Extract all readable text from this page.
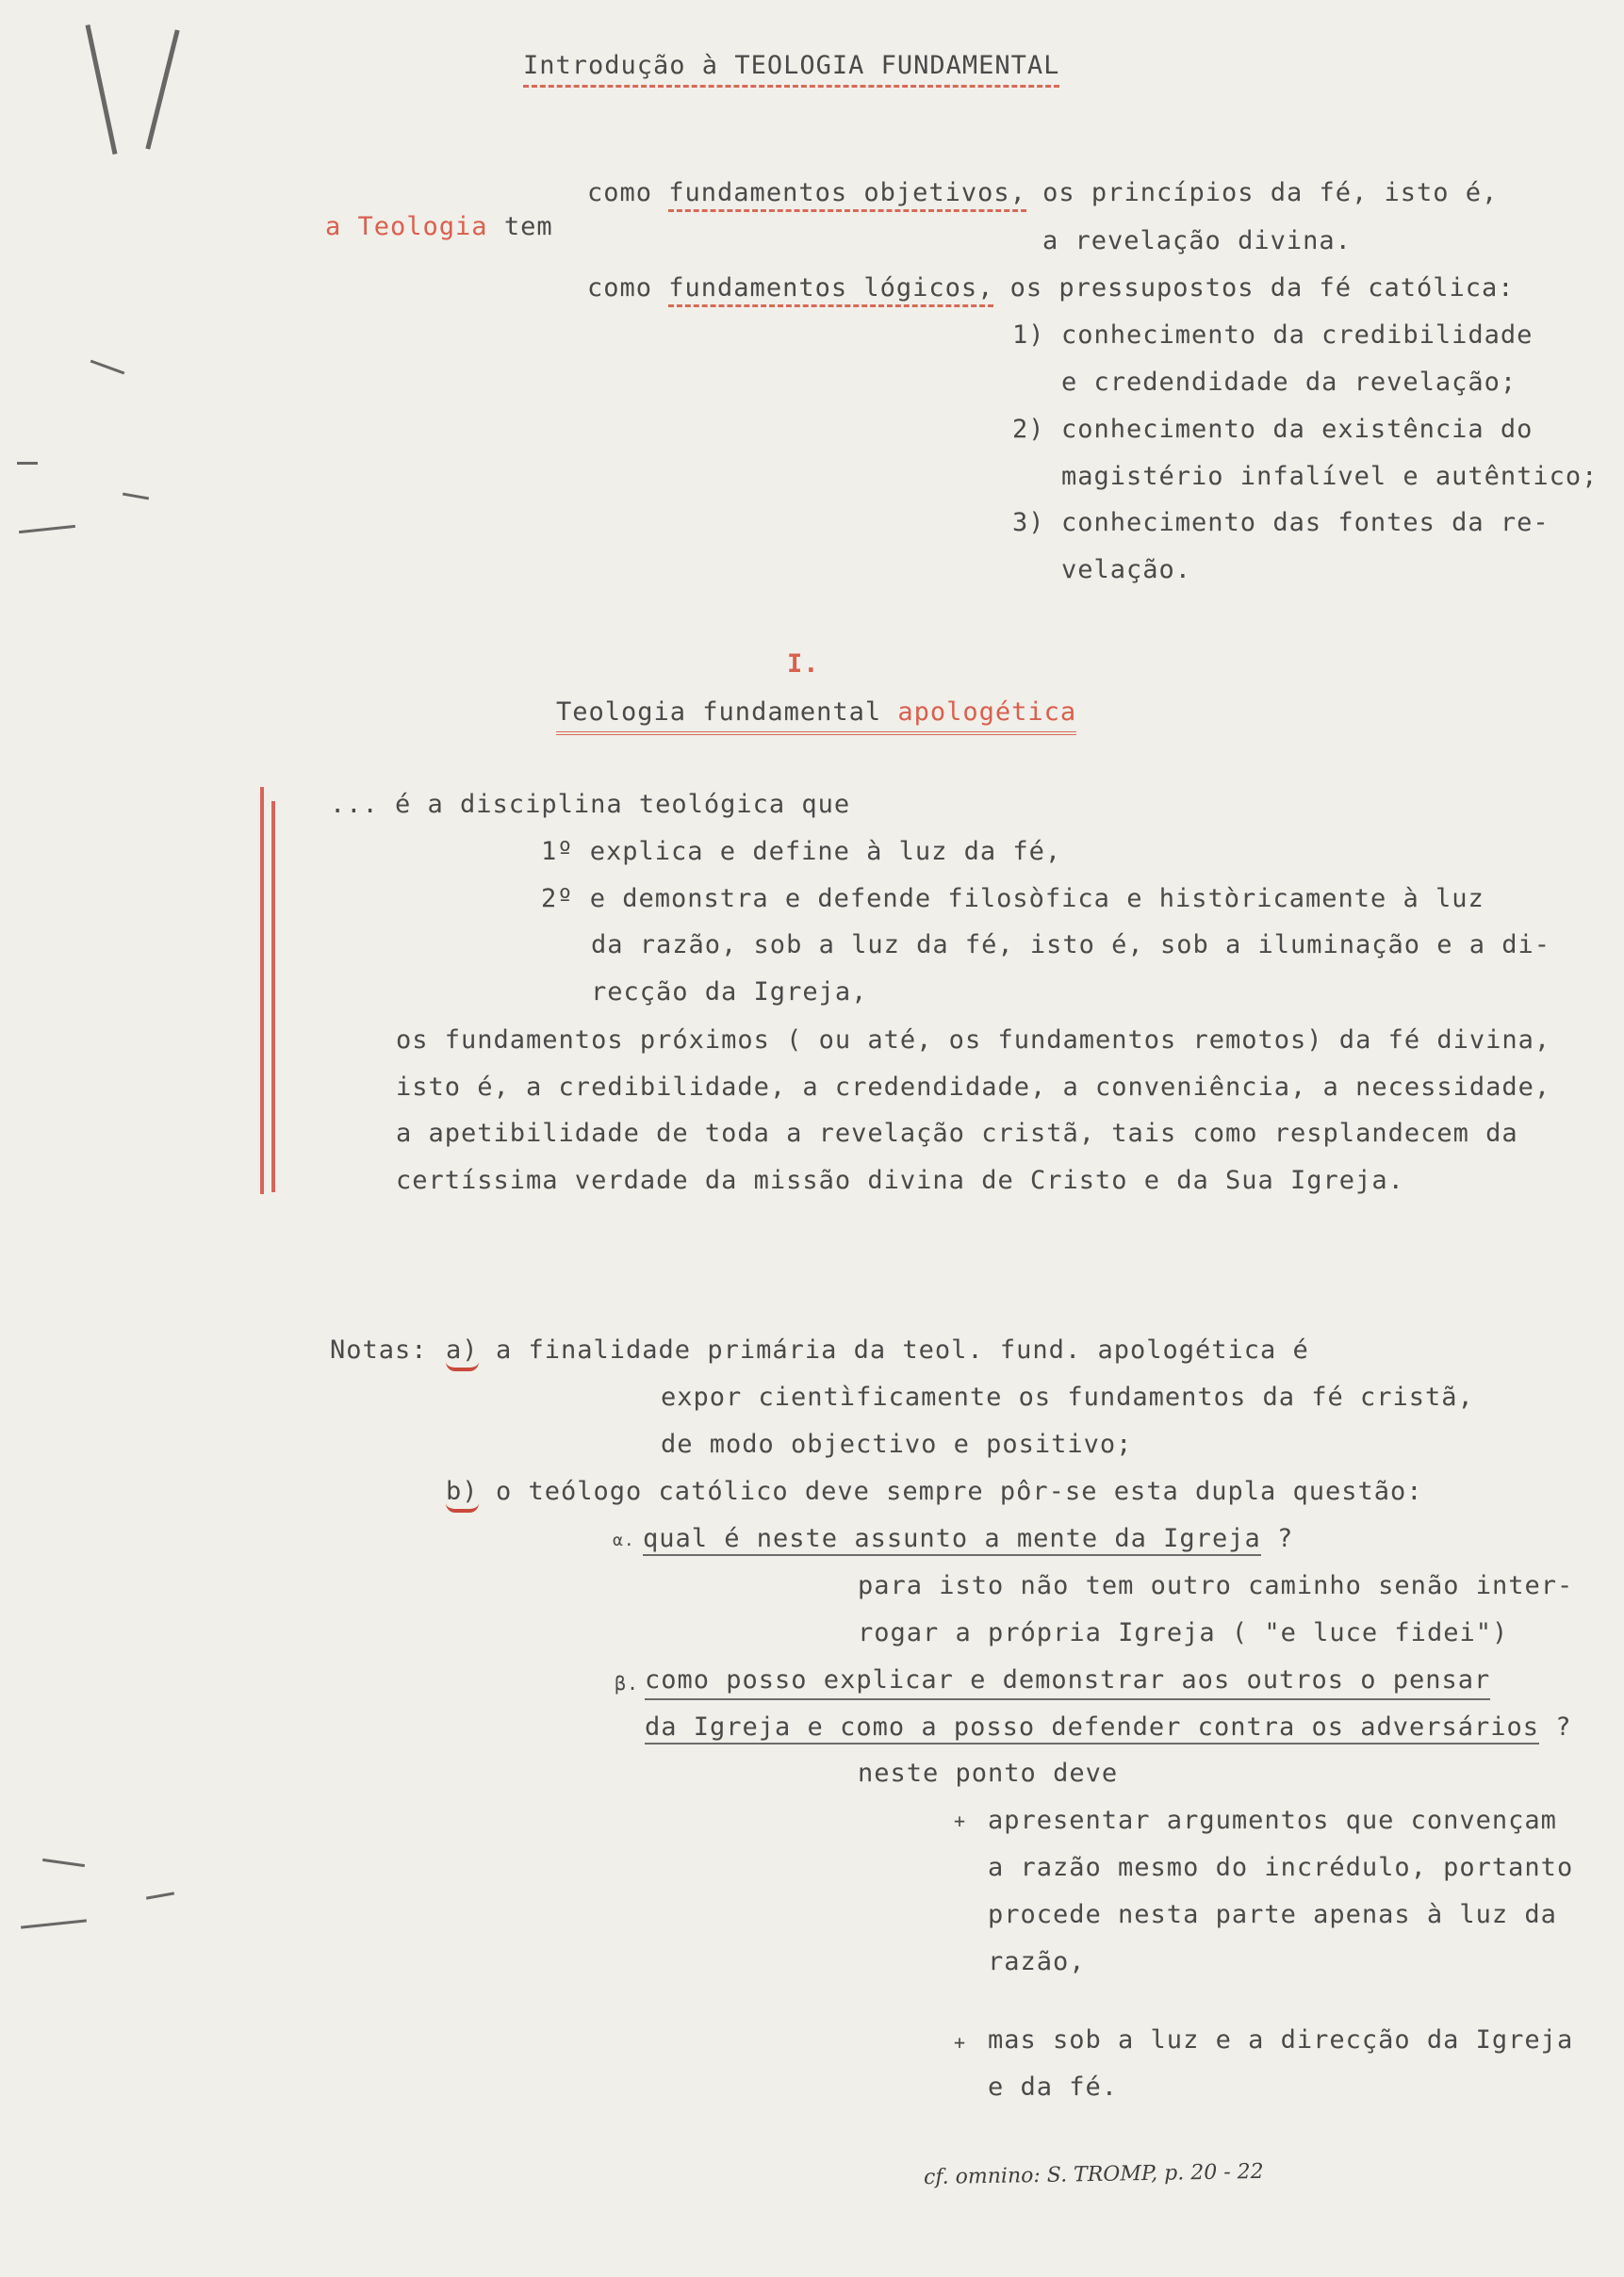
Introdução à TEOLOGIA FUNDAMENTAL
a Teologia tem
como fundamentos objetivos, os princípios da fé, isto é,
a revelação divina.
como fundamentos lógicos, os pressupostos da fé católica:
1) conhecimento da credibilidade
e credendidade da revelação;
2) conhecimento da existência do
magistério infalível e autêntico;
3) conhecimento das fontes da re-
velação.
I.
Teologia fundamental apologética
... é a disciplina teológica que
1º explica e define à luz da fé,
2º e demonstra e defende filosòfica e històricamente à luz
da razão, sob a luz da fé, isto é, sob a iluminação e a di-
recção da Igreja,
os fundamentos próximos ( ou até, os fundamentos remotos) da fé divina,
isto é, a credibilidade, a credendidade, a conveniência, a necessidade,
a apetibilidade de toda a revelação cristã, tais como resplandecem da
certíssima verdade da missão divina de Cristo e da Sua Igreja.
Notas: a) a finalidade primária da teol. fund. apologética é
expor cientìficamente os fundamentos da fé cristã,
de modo objectivo e positivo;
b) o teólogo católico deve sempre pôr-se esta dupla questão:
α. qual é neste assunto a mente da Igreja ?
para isto não tem outro caminho senão inter-
rogar a própria Igreja ( "e luce fidei")
β. como posso explicar e demonstrar aos outros o pensar
da Igreja e como a posso defender contra os adversários ?
neste ponto deve
+ apresentar argumentos que convençam
a razão mesmo do incrédulo, portanto
procede nesta parte apenas à luz da
razão,
+ mas sob a luz e a direcção da Igreja
e da fé.
cf. omnino: S. TROMP, p. 20 - 22
